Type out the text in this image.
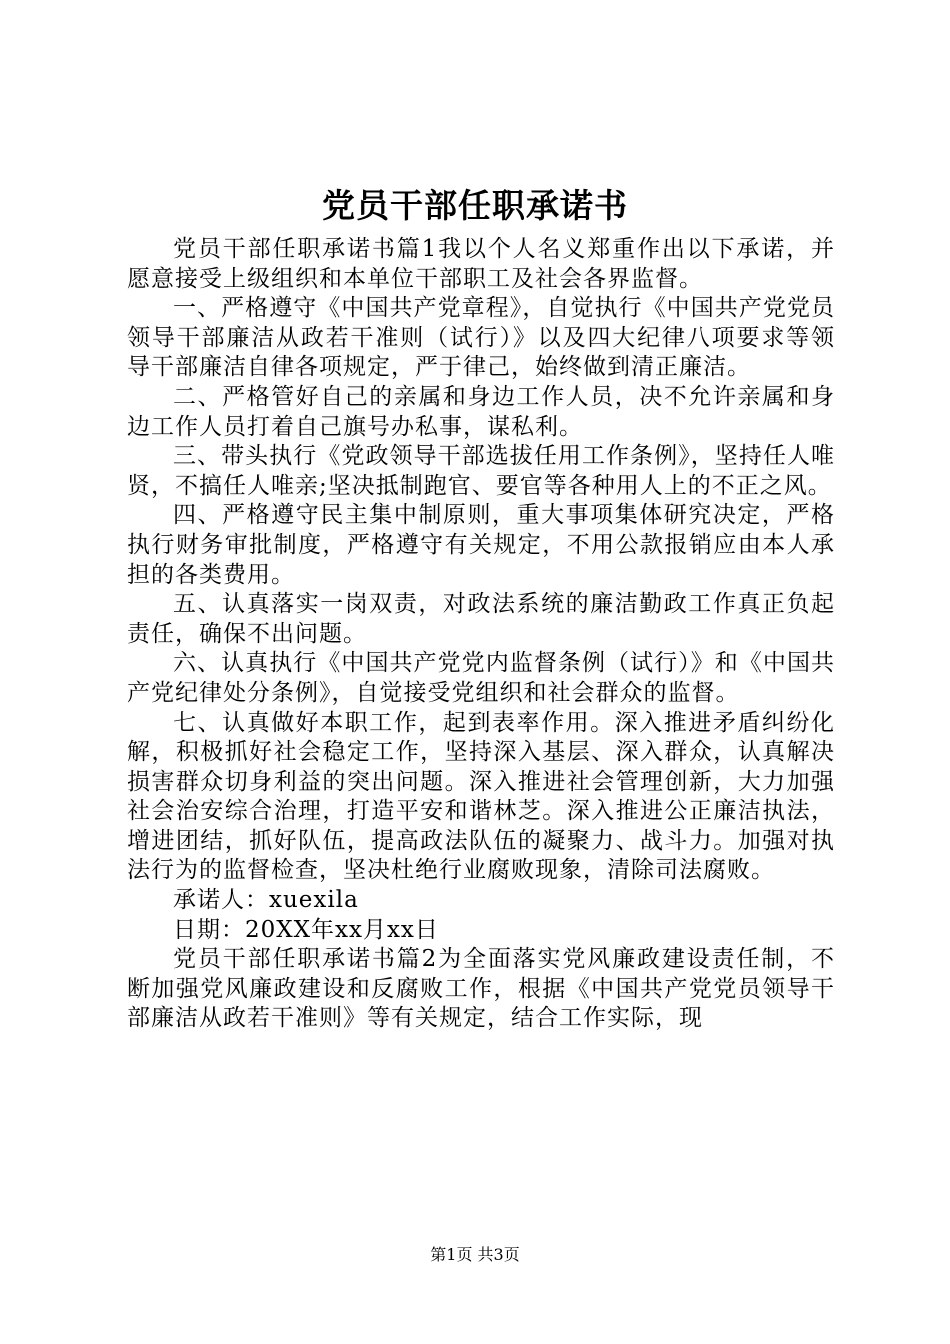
党员干部任职承诺书

党员干部任职承诺书篇1我以个人名义郑重作出以下承诺，并愿意接受上级组织和本单位干部职工及社会各界监督。

一、严格遵守《中国共产党章程》，自觉执行《中国共产党党员领导干部廉洁从政若干准则（试行）》以及四大纪律八项要求等领导干部廉洁自律各项规定，严于律己，始终做到清正廉洁。

二、严格管好自己的亲属和身边工作人员，决不允许亲属和身边工作人员打着自己旗号办私事，谋私利。

三、带头执行《党政领导干部选拔任用工作条例》，坚持任人唯贤，不搞任人唯亲;坚决抵制跑官、要官等各种用人上的不正之风。

四、严格遵守民主集中制原则，重大事项集体研究决定，严格执行财务审批制度，严格遵守有关规定，不用公款报销应由本人承担的各类费用。

五、认真落实一岗双责，对政法系统的廉洁勤政工作真正负起责任，确保不出问题。

六、认真执行《中国共产党党内监督条例（试行）》和《中国共产党纪律处分条例》，自觉接受党组织和社会群众的监督。

七、认真做好本职工作，起到表率作用。深入推进矛盾纠纷化解，积极抓好社会稳定工作，坚持深入基层、深入群众，认真解决损害群众切身利益的突出问题。深入推进社会管理创新，大力加强社会治安综合治理，打造平安和谐林芝。深入推进公正廉洁执法，增进团结，抓好队伍，提高政法队伍的凝聚力、战斗力。加强对执法行为的监督检查，坚决杜绝行业腐败现象，清除司法腐败。

承诺人：xuexila

日期：20XX年xx月xx日

党员干部任职承诺书篇2为全面落实党风廉政建设责任制，不断加强党风廉政建设和反腐败工作，根据《中国共产党党员领导干部廉洁从政若干准则》等有关规定，结合工作实际，现

第1页 共3页
